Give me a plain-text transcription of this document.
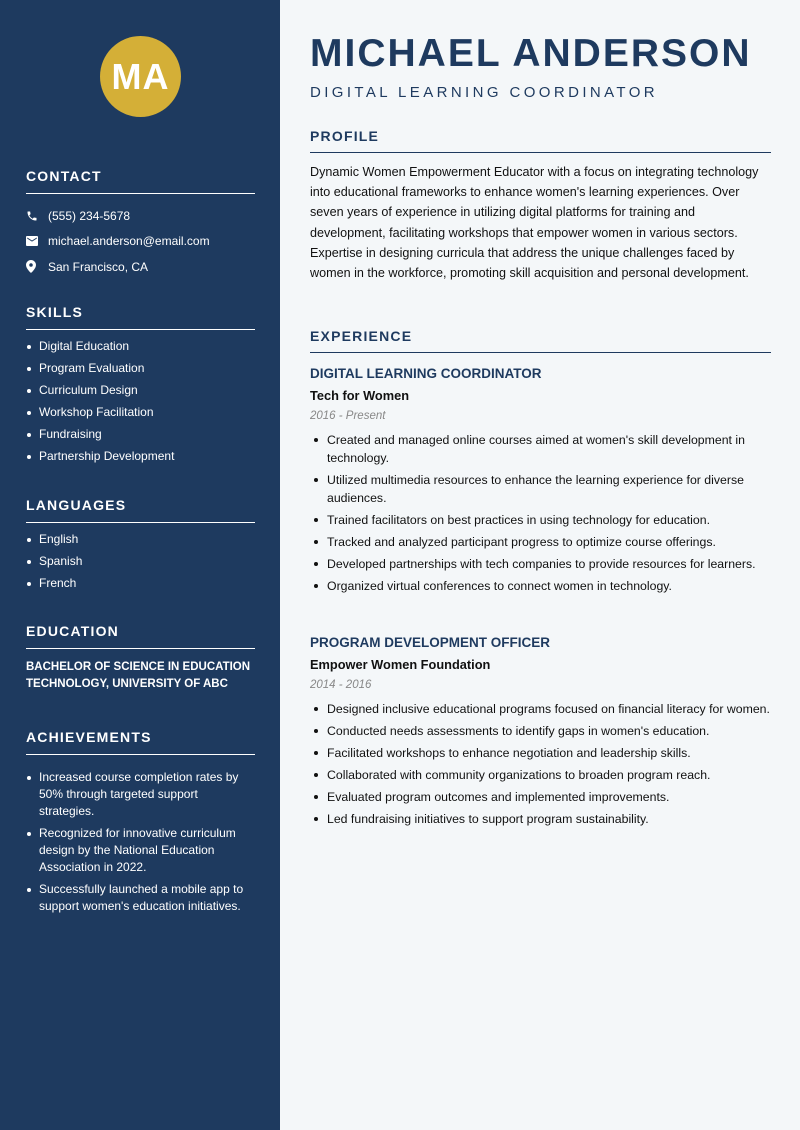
MA
CONTACT
(555) 234-5678
michael.anderson@email.com
San Francisco, CA
SKILLS
Digital Education
Program Evaluation
Curriculum Design
Workshop Facilitation
Fundraising
Partnership Development
LANGUAGES
English
Spanish
French
EDUCATION
BACHELOR OF SCIENCE IN EDUCATION TECHNOLOGY, UNIVERSITY OF ABC
ACHIEVEMENTS
Increased course completion rates by 50% through targeted support strategies.
Recognized for innovative curriculum design by the National Education Association in 2022.
Successfully launched a mobile app to support women's education initiatives.
MICHAEL ANDERSON
DIGITAL LEARNING COORDINATOR
PROFILE
Dynamic Women Empowerment Educator with a focus on integrating technology into educational frameworks to enhance women's learning experiences. Over seven years of experience in utilizing digital platforms for training and development, facilitating workshops that empower women in various sectors. Expertise in designing curricula that address the unique challenges faced by women in the workforce, promoting skill acquisition and personal development.
EXPERIENCE
DIGITAL LEARNING COORDINATOR
Tech for Women
2016 - Present
Created and managed online courses aimed at women's skill development in technology.
Utilized multimedia resources to enhance the learning experience for diverse audiences.
Trained facilitators on best practices in using technology for education.
Tracked and analyzed participant progress to optimize course offerings.
Developed partnerships with tech companies to provide resources for learners.
Organized virtual conferences to connect women in technology.
PROGRAM DEVELOPMENT OFFICER
Empower Women Foundation
2014 - 2016
Designed inclusive educational programs focused on financial literacy for women.
Conducted needs assessments to identify gaps in women's education.
Facilitated workshops to enhance negotiation and leadership skills.
Collaborated with community organizations to broaden program reach.
Evaluated program outcomes and implemented improvements.
Led fundraising initiatives to support program sustainability.
